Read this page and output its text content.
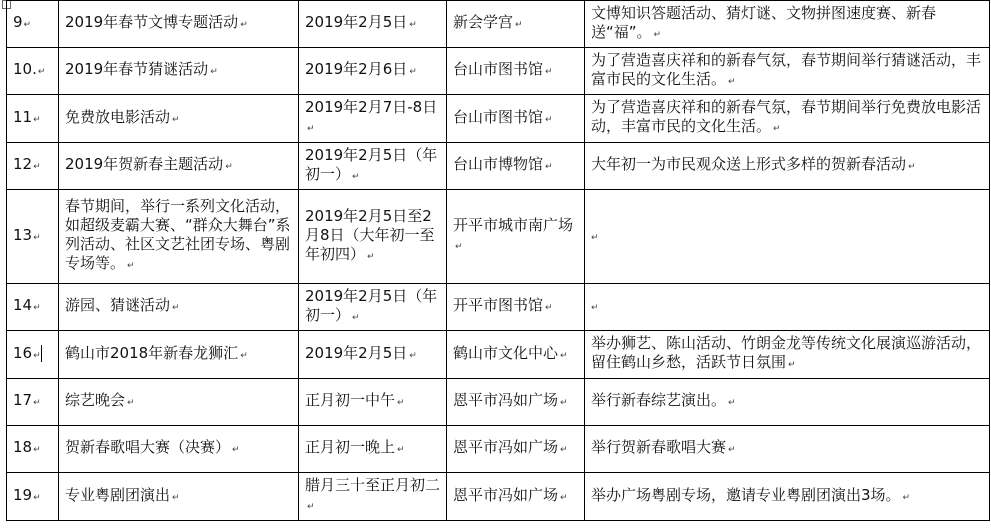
9 ↵	2019年春节文博专题活动 ↵	2019年2月5日 ↵	新会学宫 ↵	文博知识答题活动、猜灯谜、文物拼图速度赛、新春送“福”。 ↵
10. ↵	2019年春节猜谜活动 ↵	2019年2月6日 ↵	台山市图书馆 ↵	为了营造喜庆祥和的新春气氛，春节期间举行猜谜活动，丰富市民的文化生活。 ↵
11 ↵	免费放电影活动 ↵	2019年2月7日-8日↵	台山市图书馆 ↵	为了营造喜庆祥和的新春气氛，春节期间举行免费放电影活动，丰富市民的文化生活。 ↵
12 ↵	2019年贺新春主题活动 ↵	2019年2月5日（年初一） ↵	台山市博物馆 ↵	大年初一为市民观众送上形式多样的贺新春活动 ↵
13 ↵	春节期间，举行一系列文化活动，如超级麦霸大赛、“群众大舞台”系列活动、社区文艺社团专场、粤剧专场等。 ↵	2019年2月5日至2月8日（大年初一至年初四） ↵	开平市城市南广场↵	↵
14 ↵	游园、猜谜活动 ↵	2019年2月5日（年初一） ↵	开平市图书馆 ↵	↵
16 ↵	鹤山市2018年新春龙狮汇 ↵	2019年2月5日 ↵	鹤山市文化中心 ↵	举办狮艺、陈山活动、竹朗金龙等传统文化展演巡游活动，留住鹤山乡愁，活跃节日氛围 ↵
17 ↵	综艺晚会 ↵	正月初一中午 ↵	恩平市冯如广场 ↵	举行新春综艺演出。 ↵
18 ↵	贺新春歌唱大赛（决赛） ↵	正月初一晚上 ↵	恩平市冯如广场 ↵	举行贺新春歌唱大赛 ↵
19 ↵	专业粤剧团演出 ↵	腊月三十至正月初二↵	恩平市冯如广场 ↵	举办广场粤剧专场，邀请专业粤剧团演出3场。 ↵
